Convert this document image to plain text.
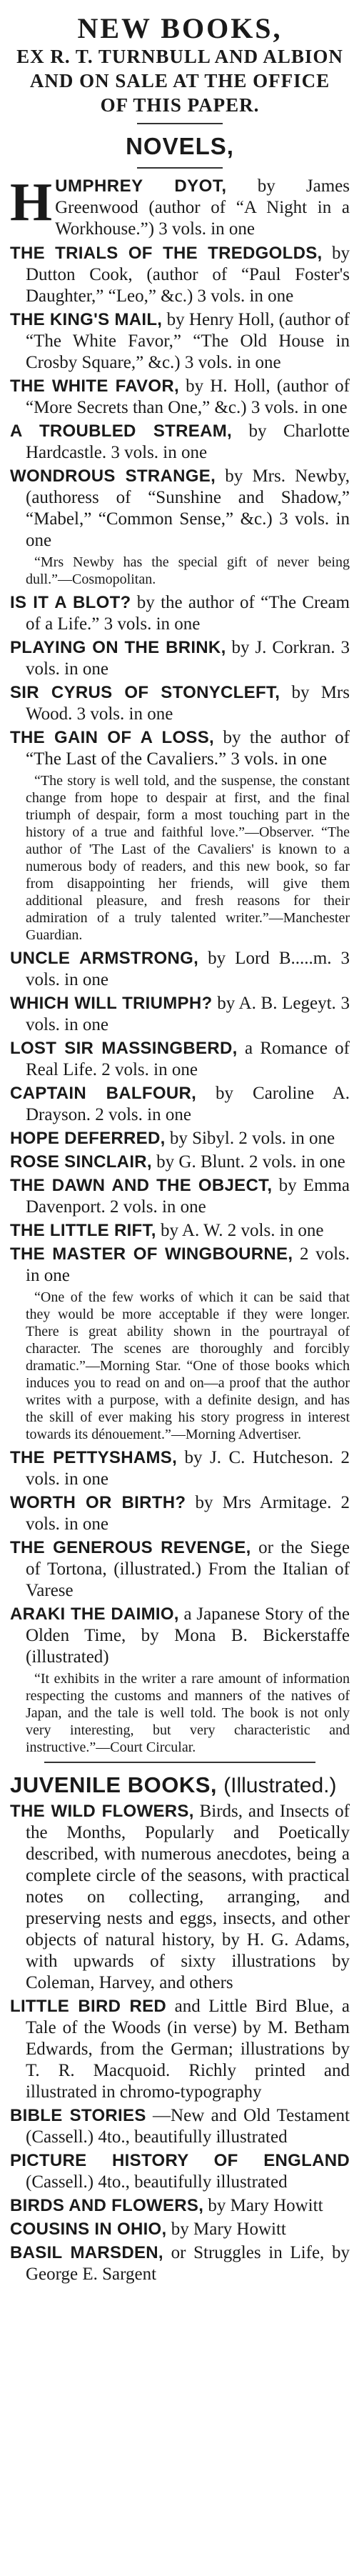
NEW BOOKS,
EX R. T. TURNBULL AND ALBION
AND ON SALE AT THE OFFICE
OF THIS PAPER.
NOVELS,
H UMPHREY DYOT, by James Greenwood (author of “A Night in a Workhouse.”) 3 vols. in one
THE TRIALS OF THE TREDGOLDS, by Dutton Cook, (author of “Paul Foster's Daughter,” “Leo,” &c.) 3 vols. in one
THE KING'S MAIL, by Henry Holl, (author of “The White Favor,” “The Old House in Crosby Square,” &c.) 3 vols. in one
THE WHITE FAVOR, by H. Holl, (author of “More Secrets than One,” &c.) 3 vols. in one
A TROUBLED STREAM, by Charlotte Hardcastle. 3 vols. in one
WONDROUS STRANGE, by Mrs. Newby, (authoress of “Sunshine and Shadow,” “Mabel,” “Common Sense,” &c.) 3 vols. in one
“Mrs Newby has the special gift of never being dull.”—Cosmopolitan.
IS IT A BLOT? by the author of “The Cream of a Life.” 3 vols. in one
PLAYING ON THE BRINK, by J. Corkran. 3 vols. in one
SIR CYRUS OF STONYCLEFT, by Mrs Wood. 3 vols. in one
THE GAIN OF A LOSS, by the author of “The Last of the Cavaliers.” 3 vols. in one
“The story is well told, and the suspense, the constant change from hope to despair at first, and the final triumph of despair, form a most touching part in the history of a true and faithful love.”—Observer. “The author of 'The Last of the Cavaliers' is known to a numerous body of readers, and this new book, so far from disappointing her friends, will give them additional pleasure, and fresh reasons for their admiration of a truly talented writer.”—Manchester Guardian.
UNCLE ARMSTRONG, by Lord B.....m. 3 vols. in one
WHICH WILL TRIUMPH? by A. B. Legeyt. 3 vols. in one
LOST SIR MASSINGBERD, a Romance of Real Life. 2 vols. in one
CAPTAIN BALFOUR, by Caroline A. Drayson. 2 vols. in one
HOPE DEFERRED, by Sibyl. 2 vols. in one
ROSE SINCLAIR, by G. Blunt. 2 vols. in one
THE DAWN AND THE OBJECT, by Emma Davenport. 2 vols. in one
THE LITTLE RIFT, by A. W. 2 vols. in one
THE MASTER OF WINGBOURNE, 2 vols. in one
“One of the few works of which it can be said that they would be more acceptable if they were longer. There is great ability shown in the pourtrayal of character. The scenes are thoroughly and forcibly dramatic.”—Morning Star. “One of those books which induces you to read on and on—a proof that the author writes with a purpose, with a definite design, and has the skill of ever making his story progress in interest towards its dénouement.”—Morning Advertiser.
THE PETTYSHAMS, by J. C. Hutcheson. 2 vols. in one
WORTH OR BIRTH? by Mrs Armitage. 2 vols. in one
THE GENEROUS REVENGE, or the Siege of Tortona, (illustrated.) From the Italian of Varese
ARAKI THE DAIMIO, a Japanese Story of the Olden Time, by Mona B. Bickerstaffe (illustrated)
“It exhibits in the writer a rare amount of information respecting the customs and manners of the natives of Japan, and the tale is well told. The book is not only very interesting, but very characteristic and instructive.”—Court Circular.
JUVENILE BOOKS, (Illustrated.)
THE WILD FLOWERS, Birds, and Insects of the Months, Popularly and Poetically described, with numerous anecdotes, being a complete circle of the seasons, with practical notes on collecting, arranging, and preserving nests and eggs, insects, and other objects of natural history, by H. G. Adams, with upwards of sixty illustrations by Coleman, Harvey, and others
LITTLE BIRD RED and Little Bird Blue, a Tale of the Woods (in verse) by M. Betham Edwards, from the German; illustrations by T. R. Macquoid. Richly printed and illustrated in chromo-typography
BIBLE STORIES —New and Old Testament (Cassell.) 4to., beautifully illustrated
PICTURE HISTORY OF ENGLAND (Cassell.) 4to., beautifully illustrated
BIRDS AND FLOWERS, by Mary Howitt
COUSINS IN OHIO, by Mary Howitt
BASIL MARSDEN, or Struggles in Life, by George E. Sargent
